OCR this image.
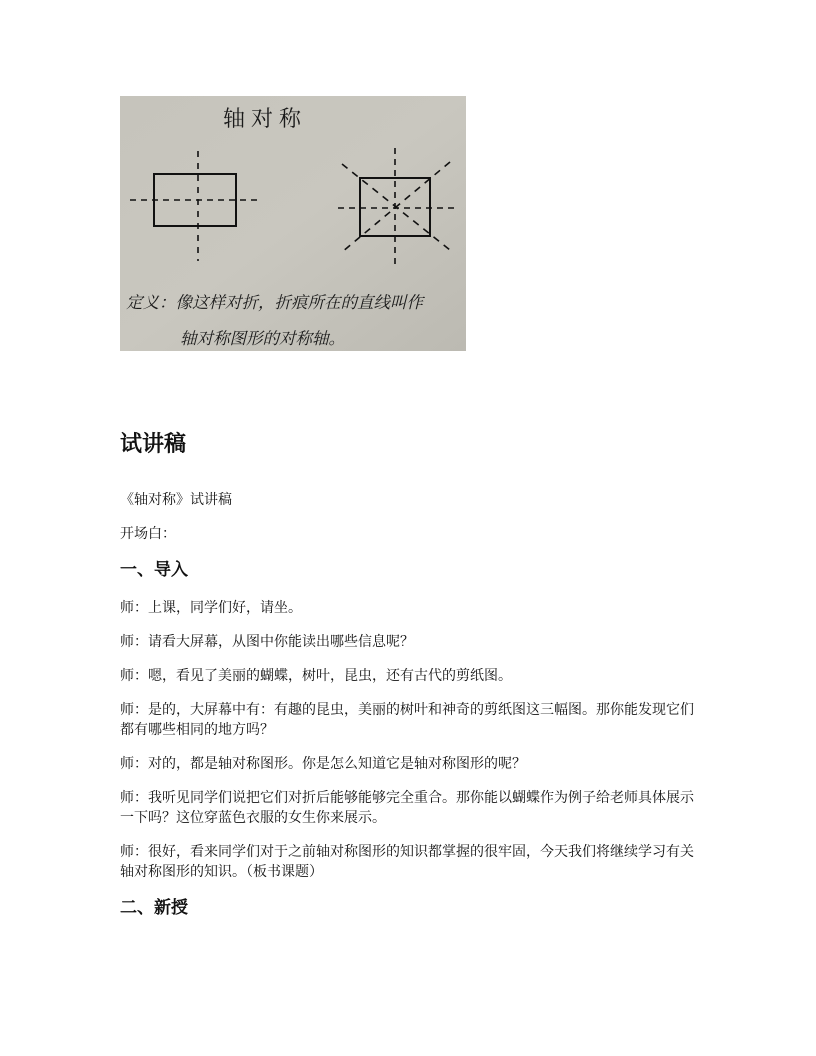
轴对称
定义：像这样对折，折痕所在的直线叫作
轴对称图形的对称轴。
试讲稿

《轴对称》试讲稿

开场白：

一、导入

师：上课，同学们好，请坐。

师：请看大屏幕，从图中你能读出哪些信息呢？

师：嗯，看见了美丽的蝴蝶，树叶，昆虫，还有古代的剪纸图。

师：是的，大屏幕中有：有趣的昆虫，美丽的树叶和神奇的剪纸图这三幅图。那你能发现它们都有哪些相同的地方吗？

师：对的，都是轴对称图形。你是怎么知道它是轴对称图形的呢？

师：我听见同学们说把它们对折后能够能够完全重合。那你能以蝴蝶作为例子给老师具体展示一下吗？这位穿蓝色衣服的女生你来展示。

师：很好，看来同学们对于之前轴对称图形的知识都掌握的很牢固，今天我们将继续学习有关轴对称图形的知识。（板书课题）

二、新授
